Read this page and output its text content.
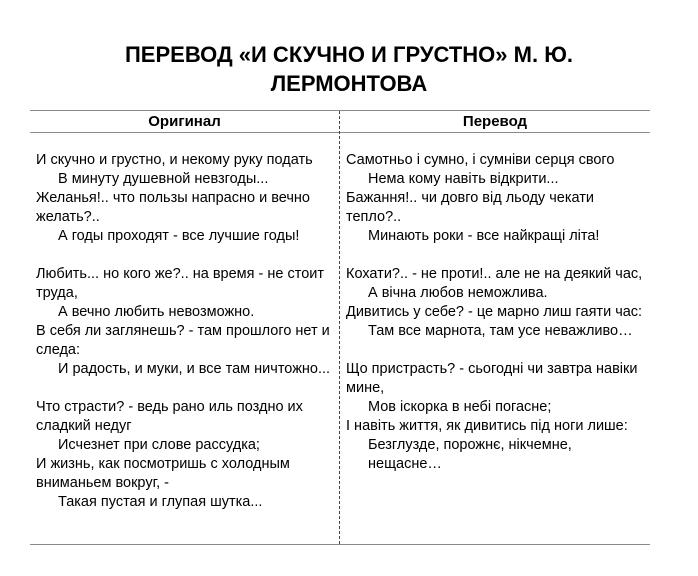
ПЕРЕВОД «И СКУЧНО И ГРУСТНО» М. Ю.
ЛЕРМОНТОВА
Оригинал	Перевод
И скучно и грустно, и некому руку подать
В минуту душевной невзгоды...
Желанья!.. что пользы напрасно и вечно желать?..
А годы проходят - все лучшие годы!
Любить... но кого же?.. на время - не стоит труда,
А вечно любить невозможно.
В себя ли заглянешь? - там прошлого нет и следа:
И радость, и муки, и все там ничтожно...
Что страсти? - ведь рано иль поздно их сладкий недуг
Исчезнет при слове рассудка;
И жизнь, как посмотришь с холодным вниманьем вокруг, -
Такая пустая и глупая шутка...
Самотньо і сумно, і сумніви серця свого
Нема кому навіть відкрити...
Бажання!.. чи довго від льоду чекати тепло?..
Минають роки - все найкращі літа!
Кохати?.. - не проти!.. але не на деякий час,
А вічна любов неможлива.
Дивитись у себе? - це марно лиш гаяти час:
Там все марнота, там усе неважливо…
Що пристрасть? - сьогодні чи завтра навіки мине,
Мов іскорка в небі погасне;
І навіть життя, як дивитись під ноги лише:
Безглузде, порожнє, нікчемне, нещасне…
